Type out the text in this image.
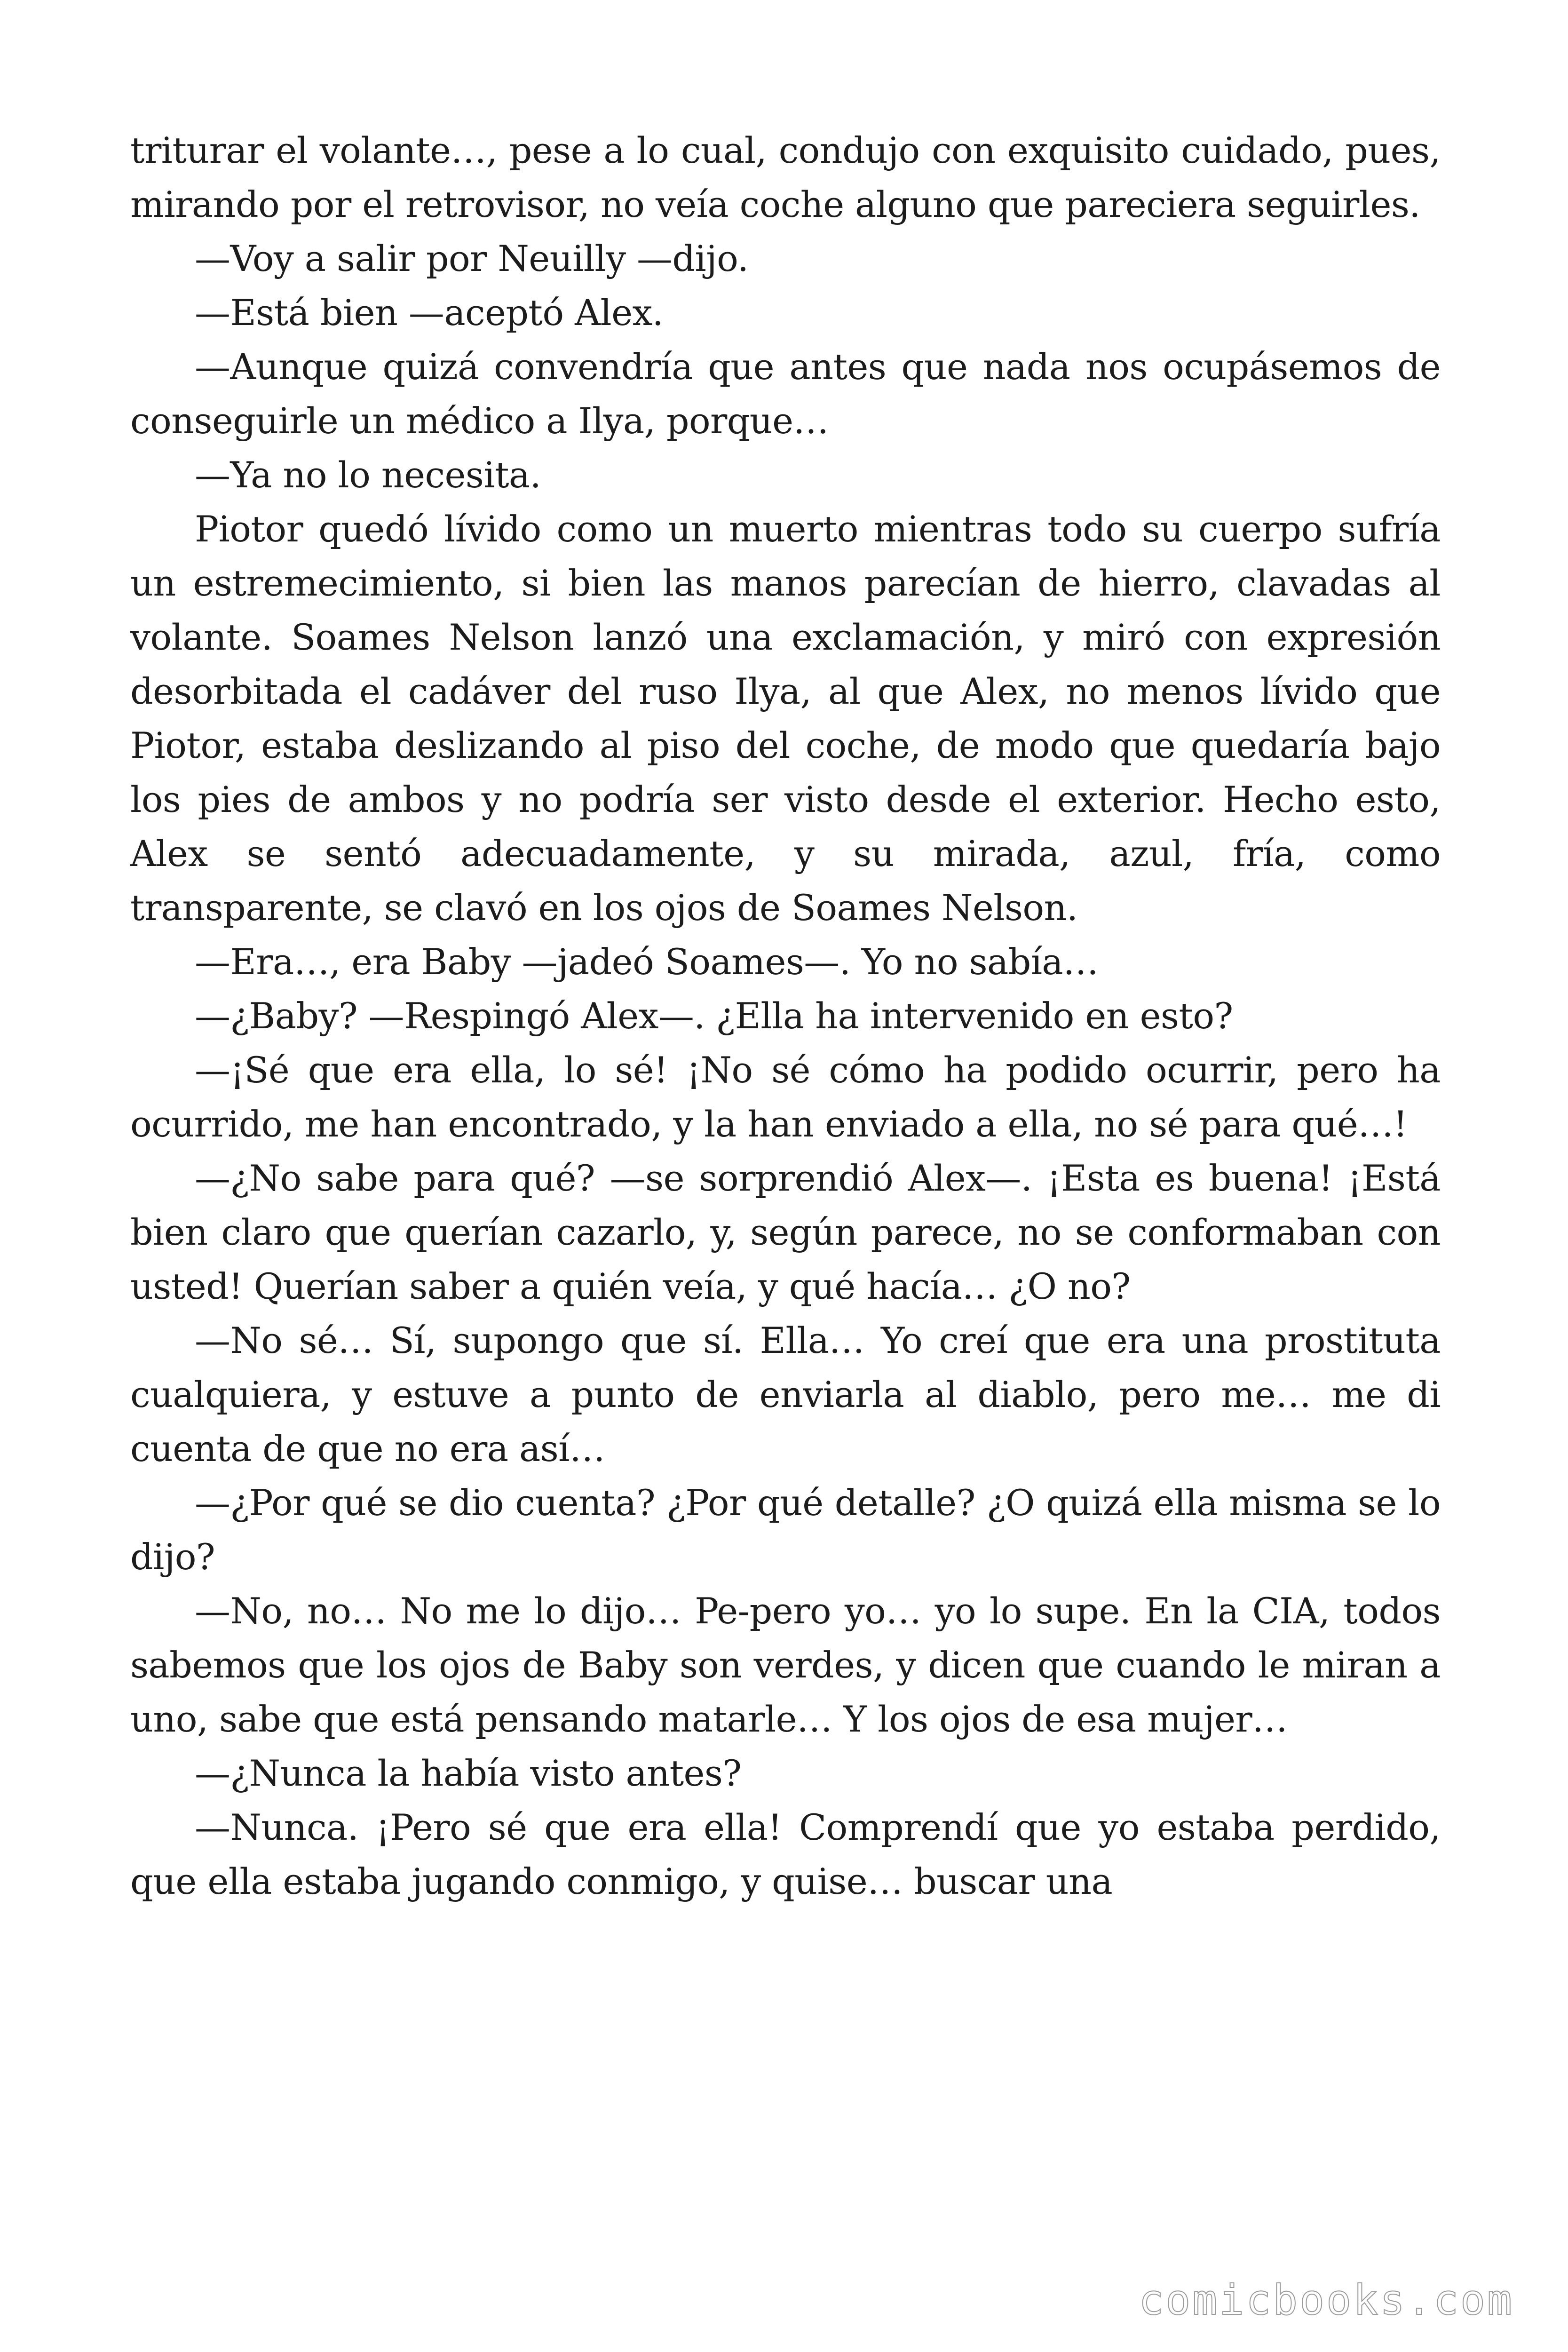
triturar el volante…, pese a lo cual, condujo con exquisito cuidado, pues, mirando por el retrovisor, no veía coche alguno que pareciera seguirles.

—Voy a salir por Neuilly —dijo.

—Está bien —aceptó Alex.

—Aunque quizá convendría que antes que nada nos ocupásemos de conseguirle un médico a Ilya, porque…

—Ya no lo necesita.

Piotor quedó lívido como un muerto mientras todo su cuerpo sufría un estremecimiento, si bien las manos parecían de hierro, clavadas al volante. Soames Nelson lanzó una exclamación, y miró con expresión desorbitada el cadáver del ruso Ilya, al que Alex, no menos lívido que Piotor, estaba deslizando al piso del coche, de modo que quedaría bajo los pies de ambos y no podría ser visto desde el exterior. Hecho esto, Alex se sentó adecuadamente, y su mirada, azul, fría, como transparente, se clavó en los ojos de Soames Nelson.

—Era…, era Baby —jadeó Soames—. Yo no sabía…

—¿Baby? —Respingó Alex—. ¿Ella ha intervenido en esto?

—¡Sé que era ella, lo sé! ¡No sé cómo ha podido ocurrir, pero ha ocurrido, me han encontrado, y la han enviado a ella, no sé para qué…!

—¿No sabe para qué? —se sorprendió Alex—. ¡Esta es buena! ¡Está bien claro que querían cazarlo, y, según parece, no se conformaban con usted! Querían saber a quién veía, y qué hacía… ¿O no?

—No sé… Sí, supongo que sí. Ella… Yo creí que era una prostituta cualquiera, y estuve a punto de enviarla al diablo, pero me… me di cuenta de que no era así…

—¿Por qué se dio cuenta? ¿Por qué detalle? ¿O quizá ella misma se lo dijo?

—No, no… No me lo dijo… Pe-pero yo… yo lo supe. En la CIA, todos sabemos que los ojos de Baby son verdes, y dicen que cuando le miran a uno, sabe que está pensando matarle… Y los ojos de esa mujer…

—¿Nunca la había visto antes?

—Nunca. ¡Pero sé que era ella! Comprendí que yo estaba perdido, que ella estaba jugando conmigo, y quise… buscar una

comicbooks.com
